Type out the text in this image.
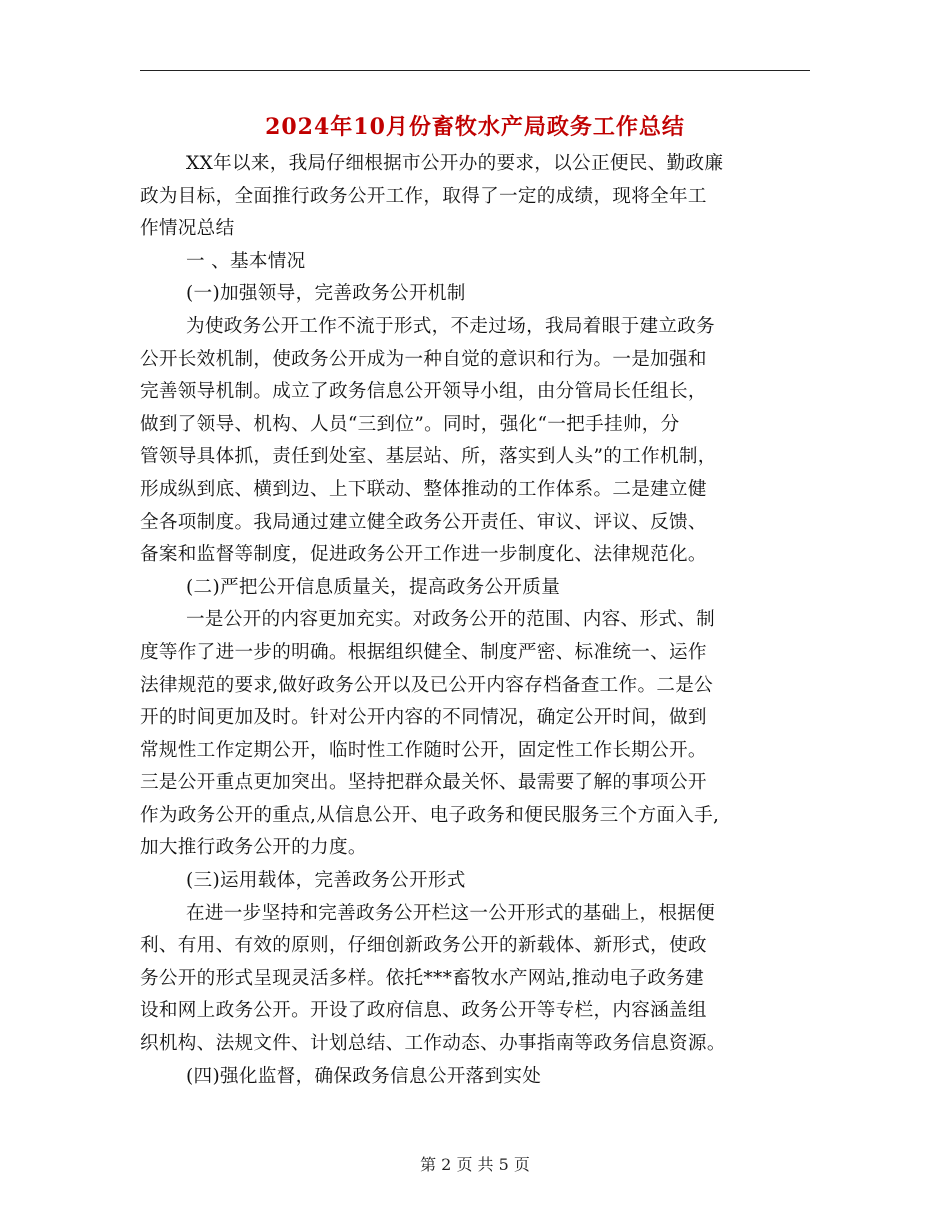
2024年10月份畜牧水产局政务工作总结
XX年以来，我局仔细根据市公开办的要求，以公正便民、勤政廉
政为目标，全面推行政务公开工作，取得了一定的成绩，现将全年工
作情况总结
一 、基本情况
(一)加强领导，完善政务公开机制
为使政务公开工作不流于形式，不走过场，我局着眼于建立政务
公开长效机制，使政务公开成为一种自觉的意识和行为。一是加强和
完善领导机制。成立了政务信息公开领导小组，由分管局长任组长，
做到了领导、机构、人员“三到位”。同时，强化“一把手挂帅，分
管领导具体抓，责任到处室、基层站、所，落实到人头”的工作机制，
形成纵到底、横到边、上下联动、整体推动的工作体系。二是建立健
全各项制度。我局通过建立健全政务公开责任、审议、评议、反馈、
备案和监督等制度，促进政务公开工作进一步制度化、法律规范化。
(二)严把公开信息质量关，提高政务公开质量
一是公开的内容更加充实。对政务公开的范围、内容、形式、制
度等作了进一步的明确。根据组织健全、制度严密、标准统一、运作
法律规范的要求,做好政务公开以及已公开内容存档备查工作。二是公
开的时间更加及时。针对公开内容的不同情况，确定公开时间，做到
常规性工作定期公开，临时性工作随时公开，固定性工作长期公开。
三是公开重点更加突出。坚持把群众最关怀、最需要了解的事项公开
作为政务公开的重点,从信息公开、电子政务和便民服务三个方面入手,
加大推行政务公开的力度。
(三)运用载体，完善政务公开形式
在进一步坚持和完善政务公开栏这一公开形式的基础上，根据便
利、有用、有效的原则，仔细创新政务公开的新载体、新形式，使政
务公开的形式呈现灵活多样。依托***畜牧水产网站,推动电子政务建
设和网上政务公开。开设了政府信息、政务公开等专栏，内容涵盖组
织机构、法规文件、计划总结、工作动态、办事指南等政务信息资源。
(四)强化监督，确保政务信息公开落到实处
第 2 页 共 5 页
